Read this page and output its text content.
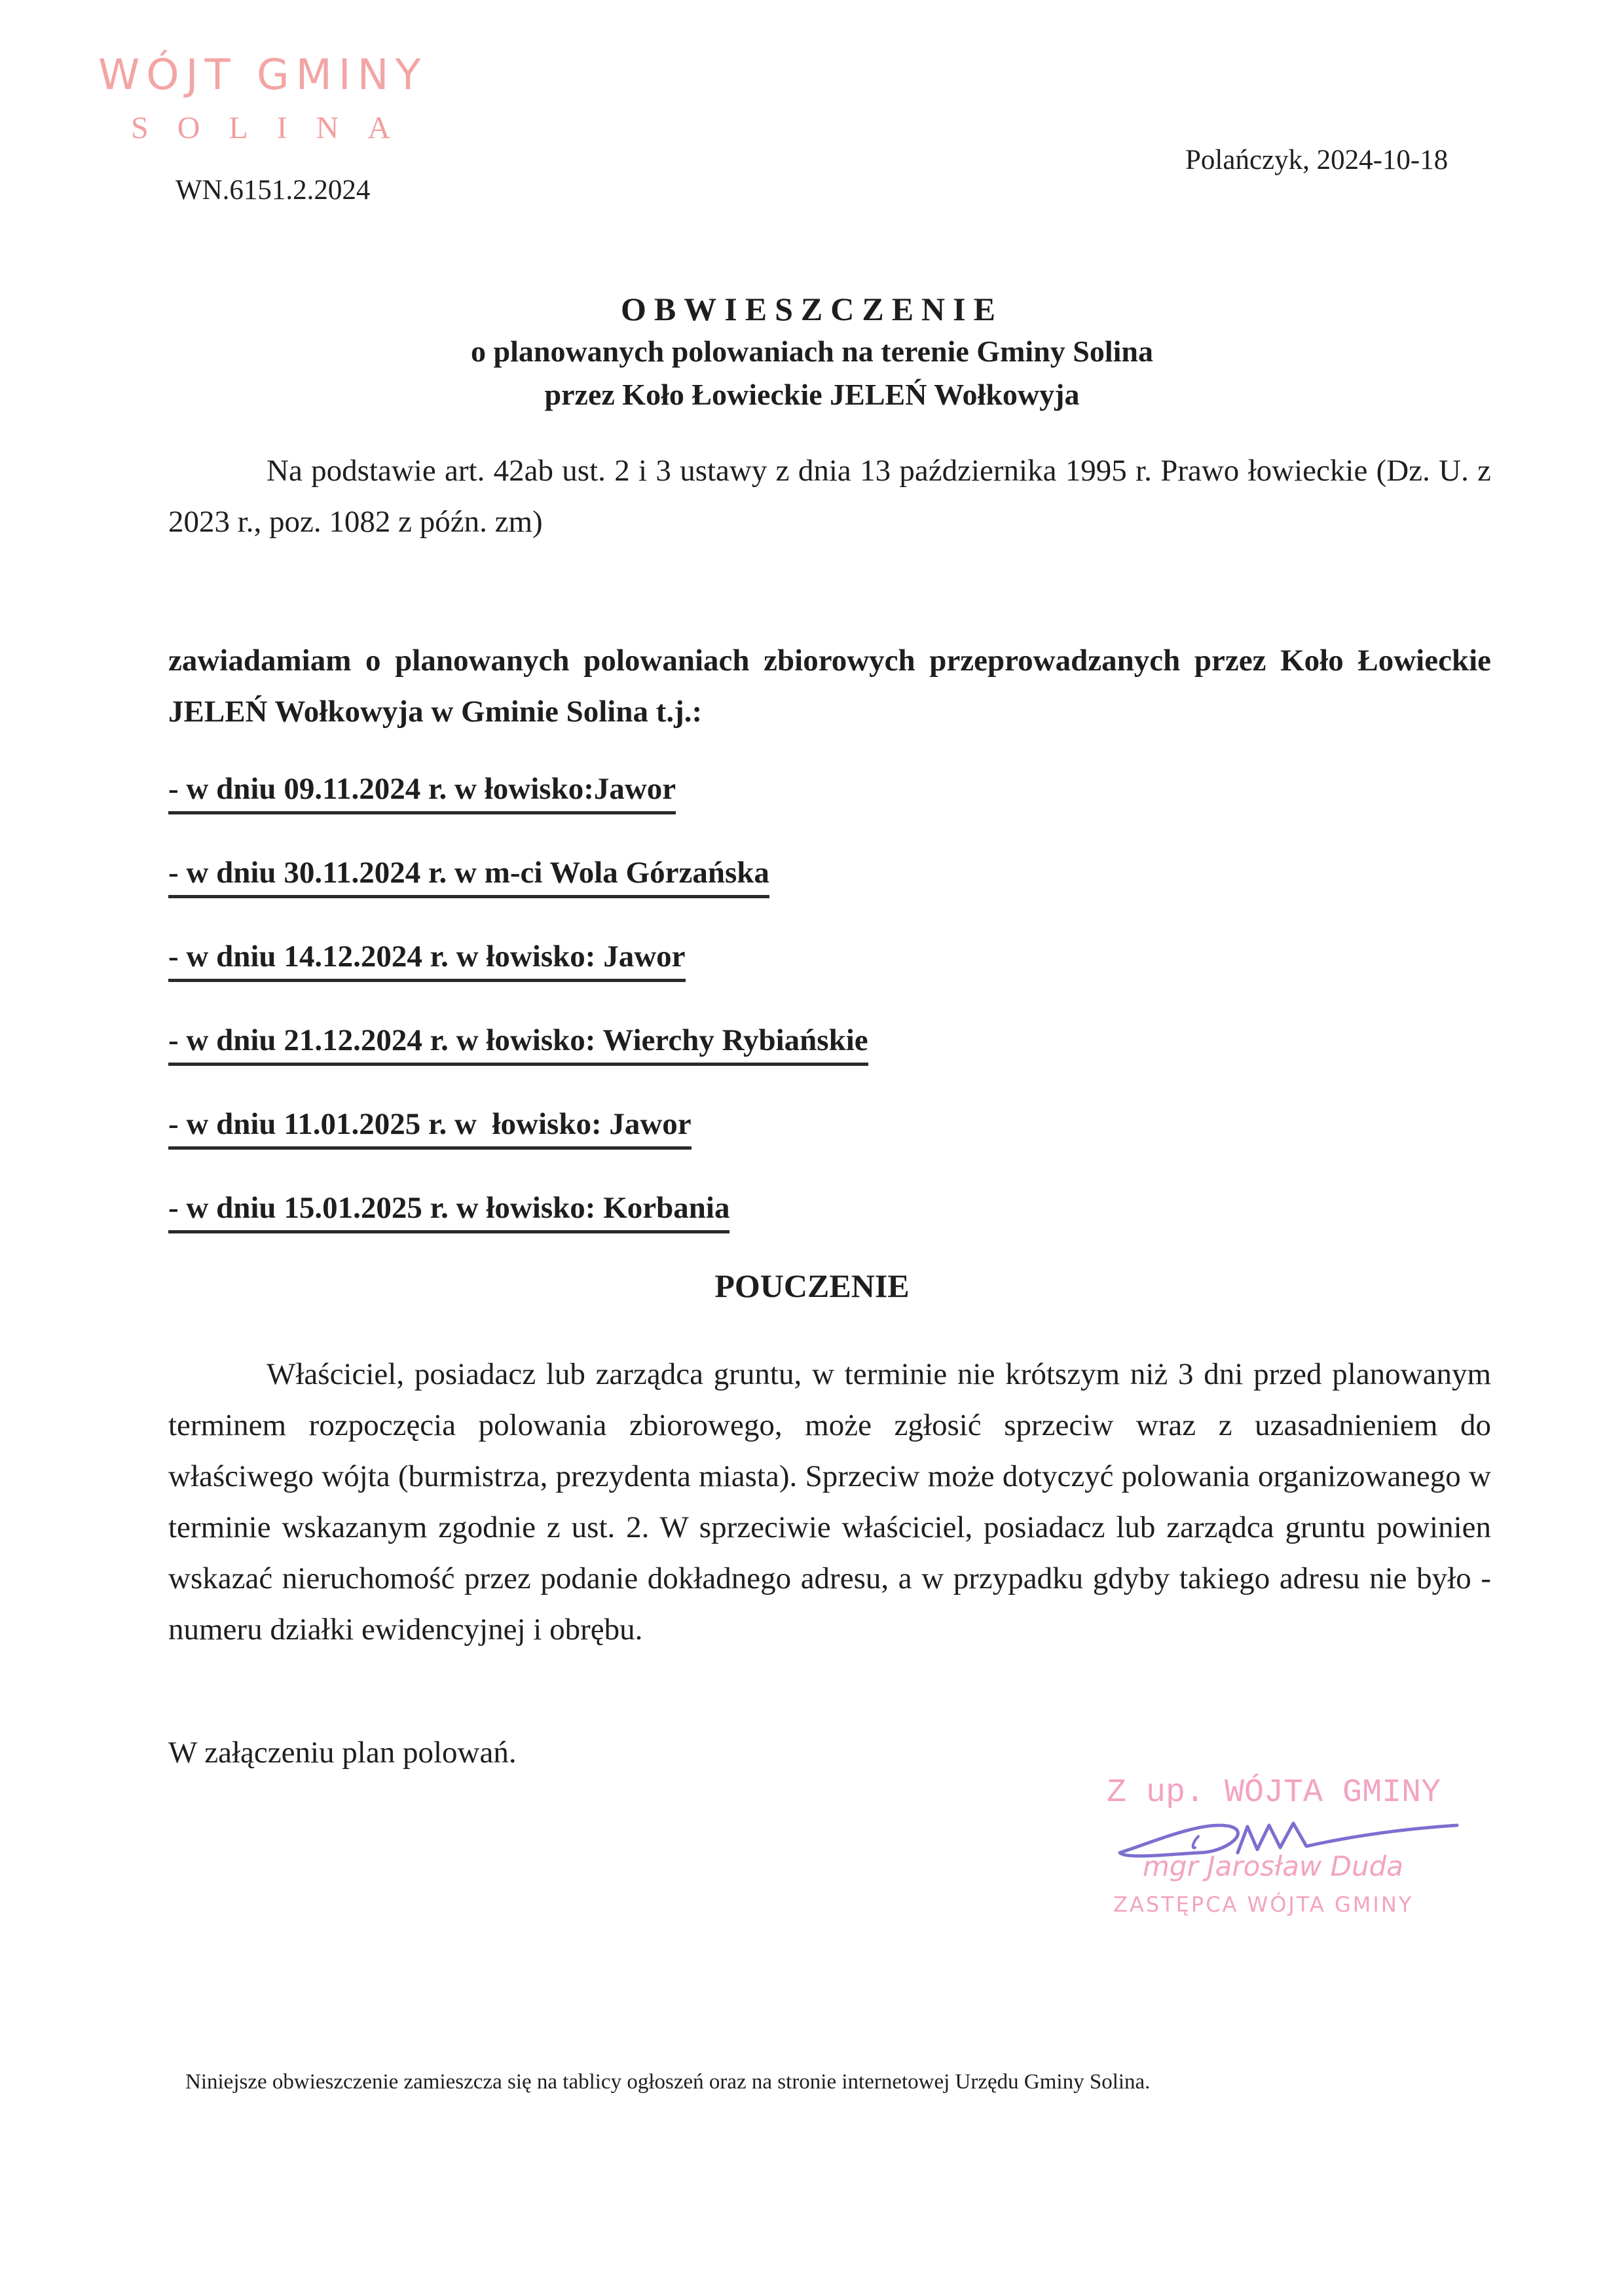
WÓJT GMINY
SOLINA
WN.6151.2.2024
Polańczyk, 2024-10-18
OBWIESZCZENIE
o planowanych polowaniach na terenie Gminy Solina
przez Koło Łowieckie JELEŃ Wołkowyja
Na podstawie art. 42ab ust. 2 i 3 ustawy z dnia 13 października 1995 r. Prawo łowieckie (Dz. U. z 2023 r., poz. 1082 z późn. zm)
zawiadamiam o planowanych polowaniach zbiorowych przeprowadzanych przez Koło Łowieckie JELEŃ Wołkowyja w Gminie Solina t.j.:
- w dniu 09.11.2024 r. w łowisko:Jawor
- w dniu 30.11.2024 r. w m-ci Wola Górzańska
- w dniu 14.12.2024 r. w łowisko: Jawor
- w dniu 21.12.2024 r. w łowisko: Wierchy Rybiańskie
- w dniu 11.01.2025 r. w  łowisko: Jawor
- w dniu 15.01.2025 r. w łowisko: Korbania
POUCZENIE
Właściciel, posiadacz lub zarządca gruntu, w terminie nie krótszym niż 3 dni przed planowanym terminem rozpoczęcia polowania zbiorowego, może zgłosić sprzeciw wraz z uzasadnieniem do właściwego wójta (burmistrza, prezydenta miasta). Sprzeciw może dotyczyć polowania organizowanego w terminie wskazanym zgodnie z ust. 2. W sprzeciwie właściciel, posiadacz lub zarządca gruntu powinien wskazać nieruchomość przez podanie dokładnego adresu, a w przypadku gdyby takiego adresu nie było - numeru działki ewidencyjnej i obrębu.
W załączeniu plan polowań.
Z up. WÓJTA GMINY
mgr Jarosław Duda
ZASTĘPCA WÓJTA GMINY
Niniejsze obwieszczenie zamieszcza się na tablicy ogłoszeń oraz na stronie internetowej Urzędu Gminy Solina.
